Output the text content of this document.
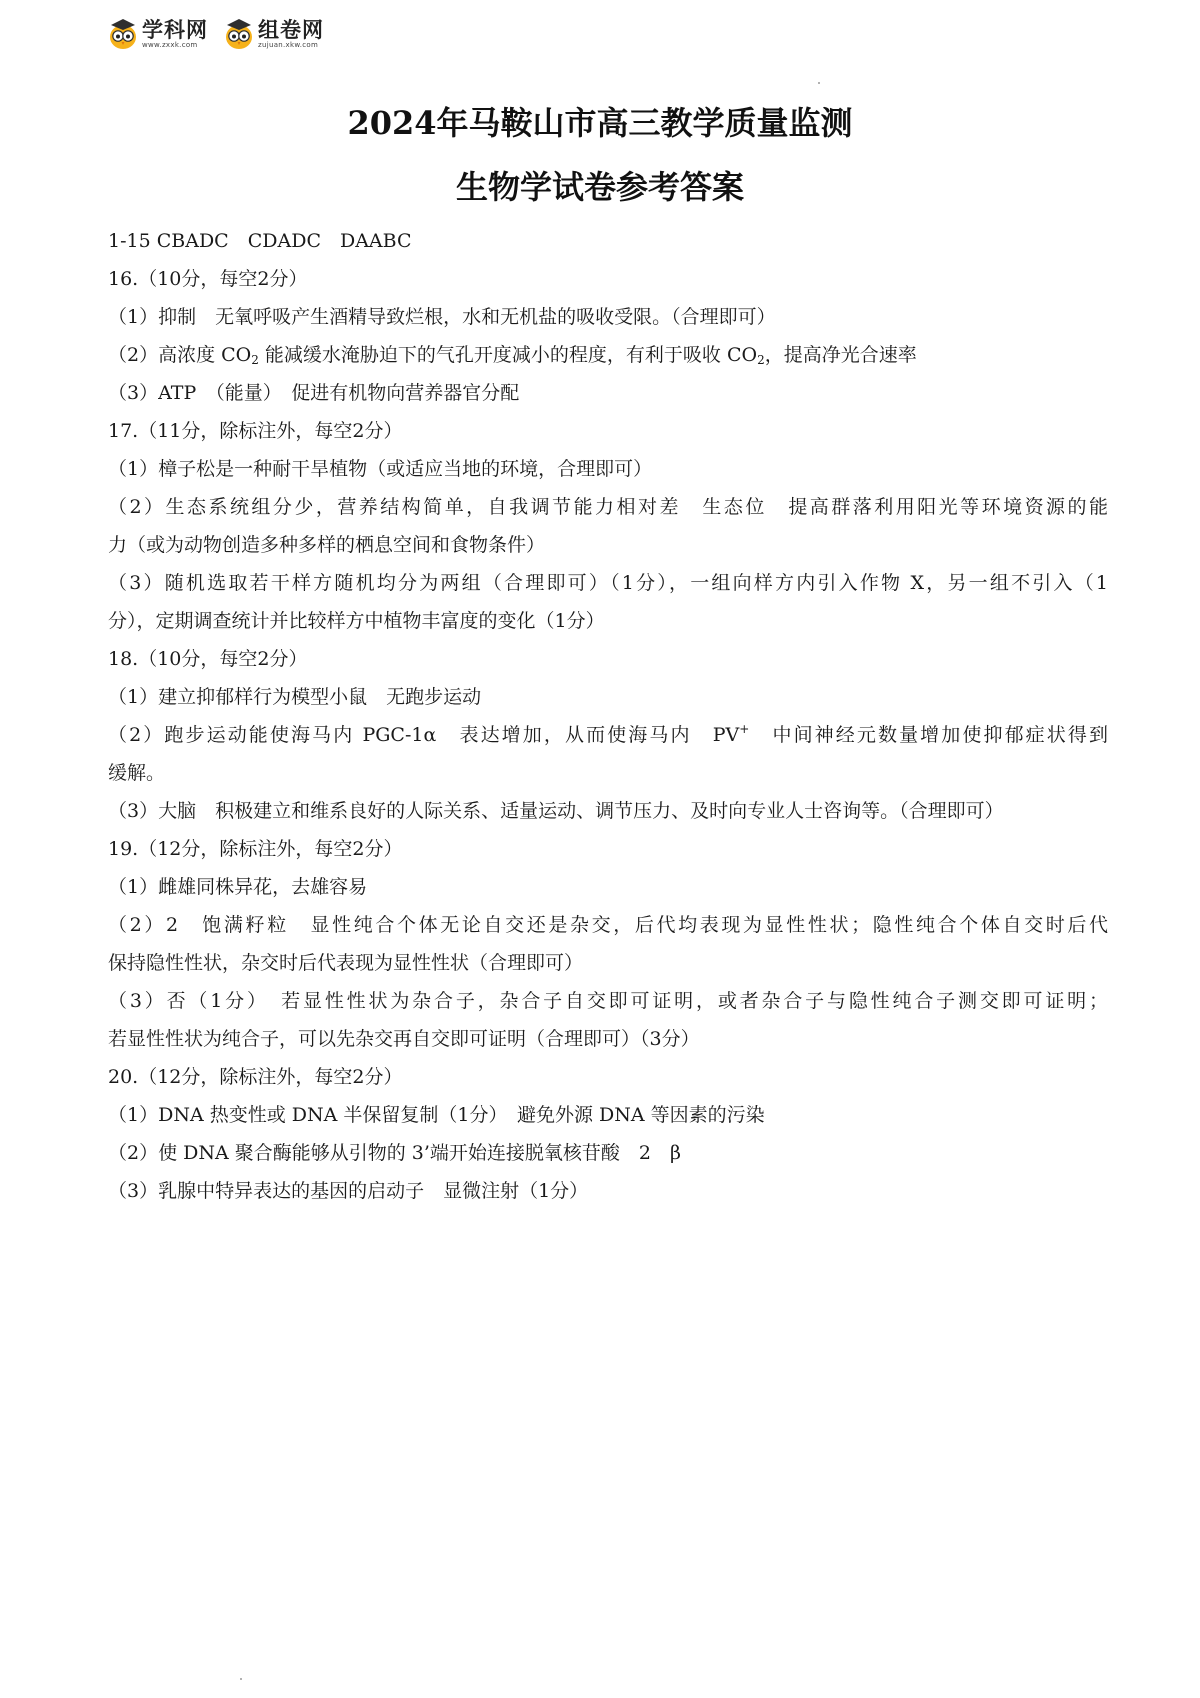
学科网
www.zxxk.com
组卷网
zujuan.xkw.com
2024年马鞍山市高三教学质量监测
生物学试卷参考答案
1-15 CBADC　CDADC　DAABC
16.（10分，每空2分）
（1）抑制　无氧呼吸产生酒精导致烂根，水和无机盐的吸收受限。（合理即可）
（2）高浓度 $CO_2$ 能减缓水淹胁迫下的气孔开度减小的程度，有利于吸收 $CO_2$，提高净光合速率
（3）ATP　（能量）　促进有机物向营养器官分配
17.（11分，除标注外，每空2分）
（1）樟子松是一种耐干旱植物（或适应当地的环境，合理即可）
（2）生态系统组分少，营养结构简单，自我调节能力相对差　生态位　提高群落利用阳光等环境资源的能
力（或为动物创造多种多样的栖息空间和食物条件）
（3）随机选取若干样方随机均分为两组（合理即可）（1分），一组向样方内引入作物 X，另一组不引入（1
分），定期调查统计并比较样方中植物丰富度的变化（1分）
18.（10分，每空2分）
（1）建立抑郁样行为模型小鼠　无跑步运动
（2）跑步运动能使海马内 PGC-1α　表达增加，从而使海马内　PV+　中间神经元数量增加使抑郁症状得到
缓解。
（3）大脑　积极建立和维系良好的人际关系、适量运动、调节压力、及时向专业人士咨询等。（合理即可）
19.（12分，除标注外，每空2分）
（1）雌雄同株异花，去雄容易
（2）2　饱满籽粒　显性纯合个体无论自交还是杂交，后代均表现为显性性状；隐性纯合个体自交时后代
保持隐性性状，杂交时后代表现为显性性状（合理即可）
（3）否（1分）　若显性性状为杂合子，杂合子自交即可证明，或者杂合子与隐性纯合子测交即可证明；
若显性性状为纯合子，可以先杂交再自交即可证明（合理即可）（3分）
20.（12分，除标注外，每空2分）
（1）DNA 热变性或 DNA 半保留复制（1分）　避免外源 DNA 等因素的污染
（2）使 DNA 聚合酶能够从引物的 3’端开始连接脱氧核苷酸　2　β
（3）乳腺中特异表达的基因的启动子　显微注射（1分）
